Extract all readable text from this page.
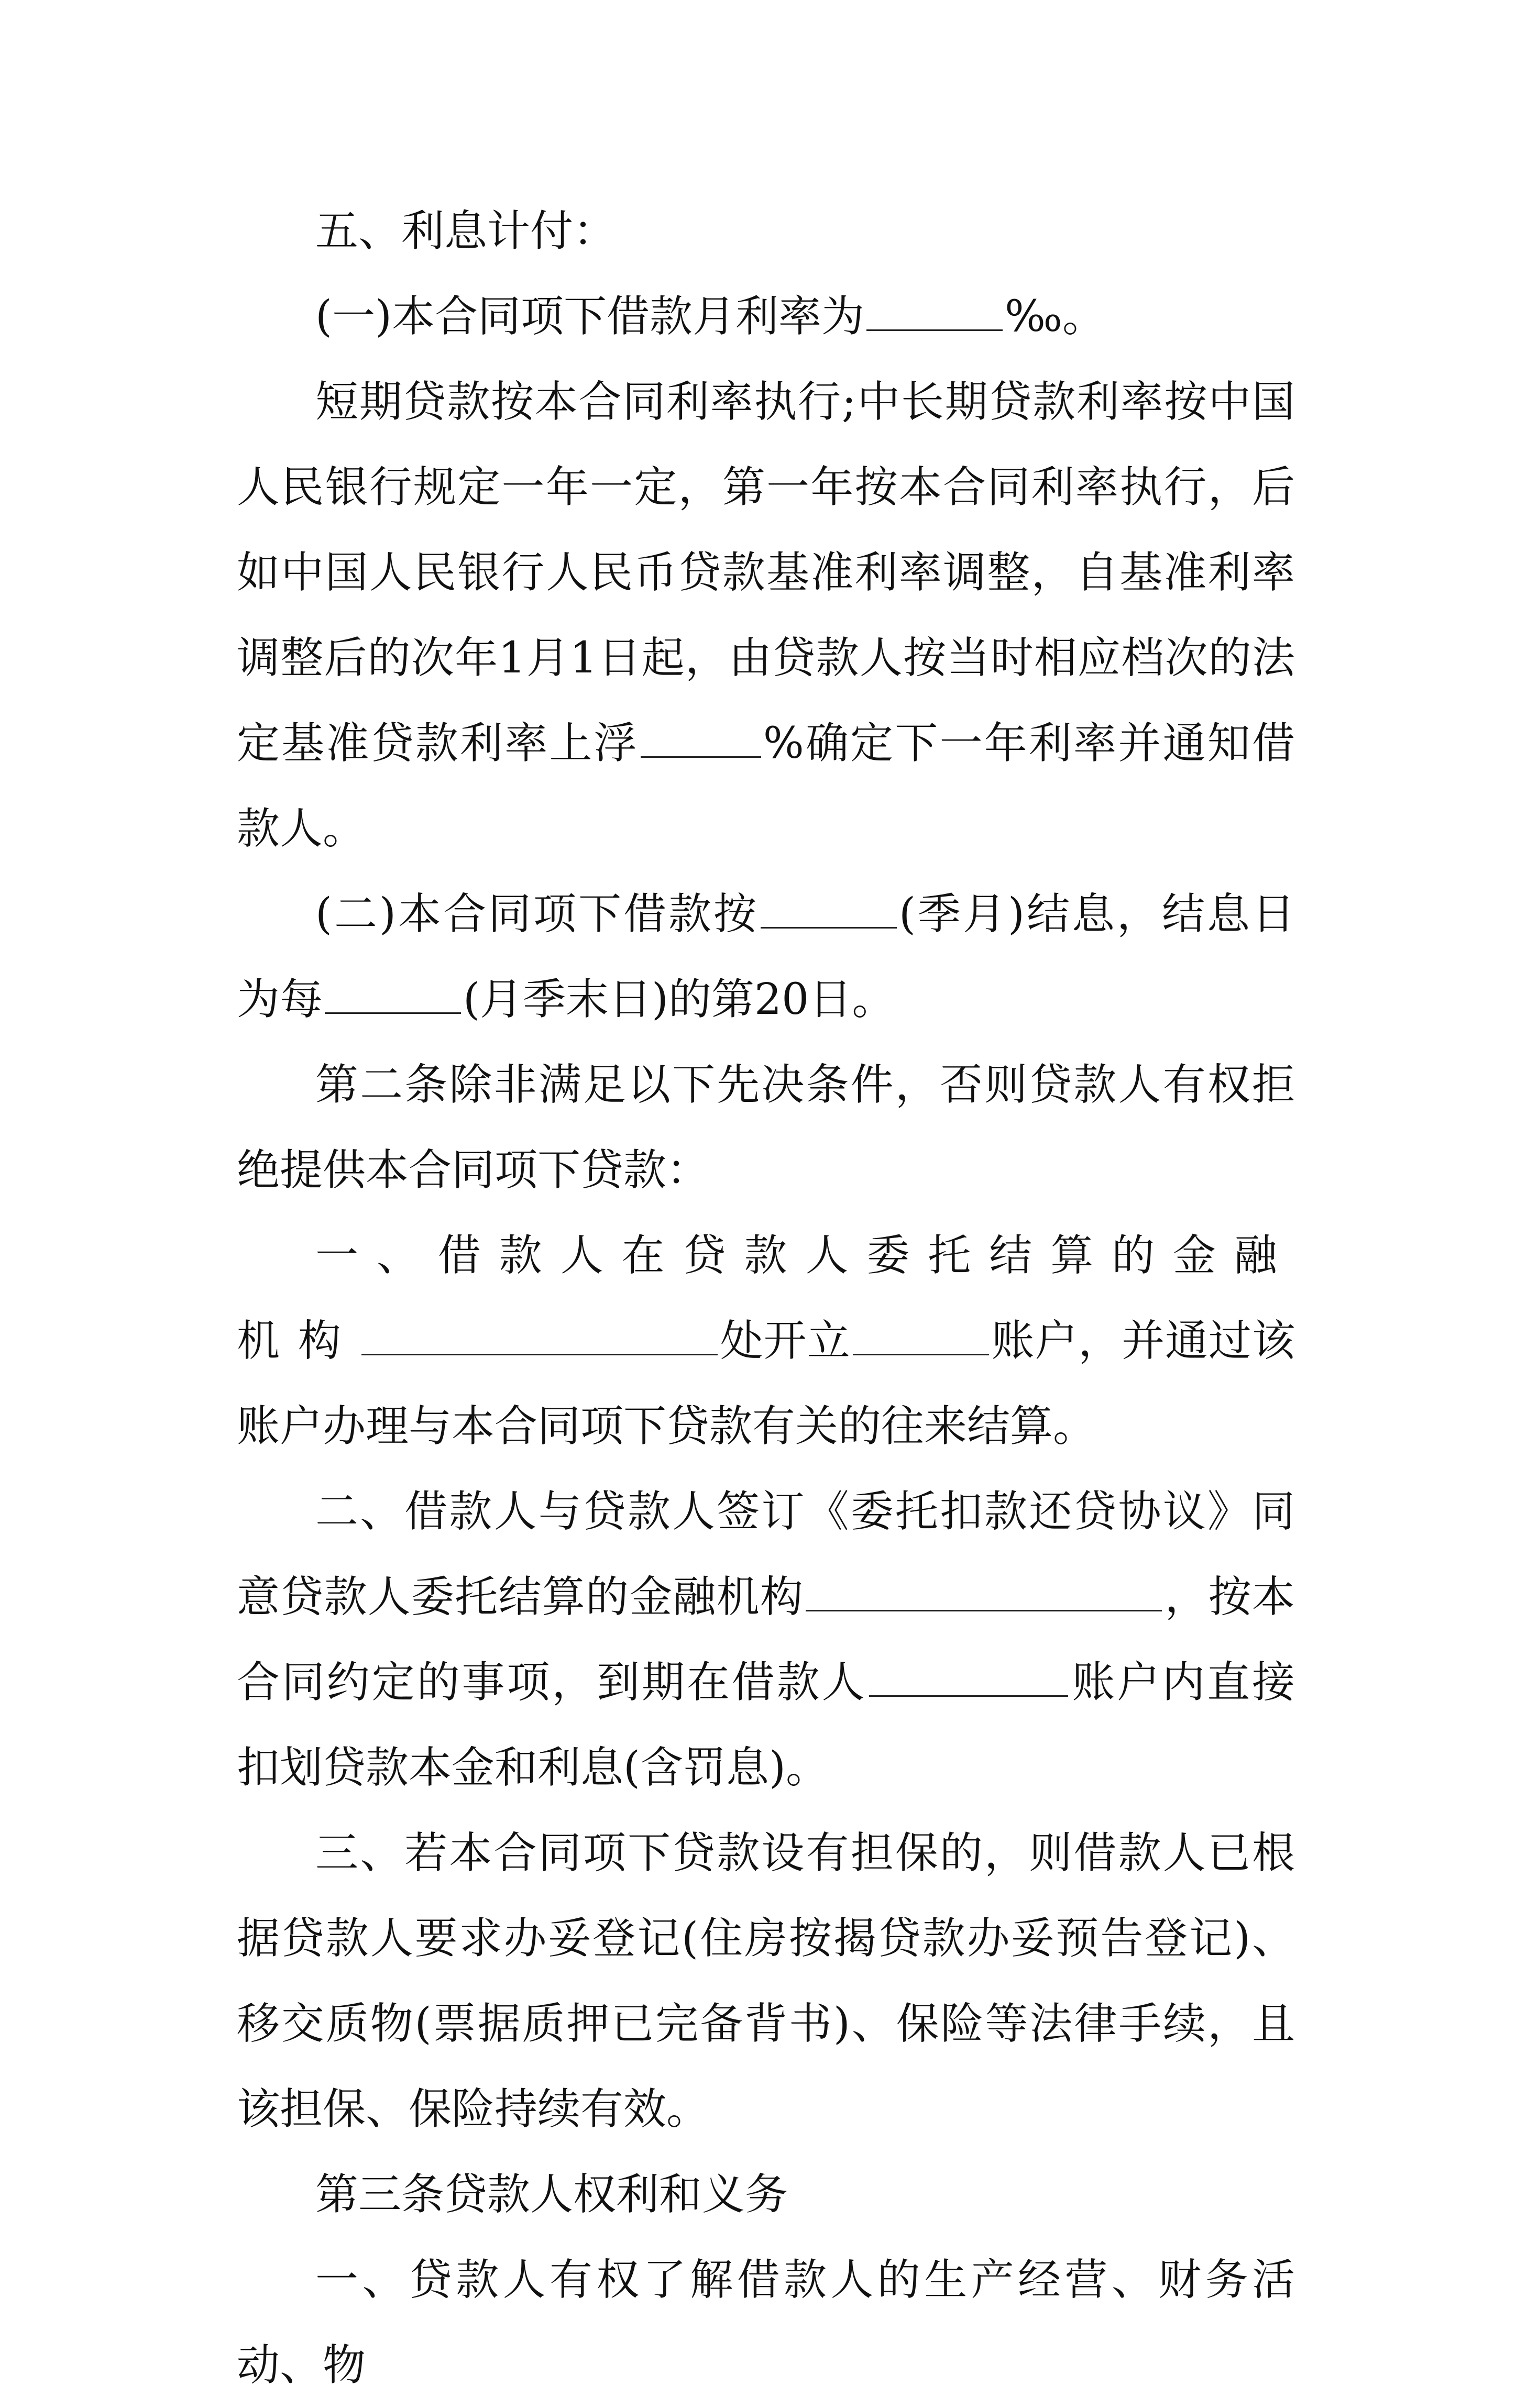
五、利息计付：

(一)本合同项下借款月利率为	‰。

短期贷款按本合同利率执行;中长期贷款利率按中国人民银行规定一年一定，第一年按本合同利率执行，后如中国人民银行人民币贷款基准利率调整，自基准利率调整后的次年1月1日起，由贷款人按当时相应档次的法定基准贷款利率上浮	%确定下一年利率并通知借款人。

(二)本合同项下借款按	(季月)结息，结息日为每	(月季末日)的第20日。

第二条除非满足以下先决条件，否则贷款人有权拒绝提供本合同项下贷款：

一、借款人在贷款人委托结算的金融机构	处开立	账户，并通过该账户办理与本合同项下贷款有关的往来结算。

二、借款人与贷款人签订《委托扣款还贷协议》同意贷款人委托结算的金融机构	，按本合同约定的事项，到期在借款人	账户内直接扣划贷款本金和利息(含罚息)。

三、若本合同项下贷款设有担保的，则借款人已根据贷款人要求办妥登记(住房按揭贷款办妥预告登记)、移交质物(票据质押已完备背书)、保险等法律手续，且该担保、保险持续有效。

第三条贷款人权利和义务

一、贷款人有权了解借款人的生产经营、财务活动、物
